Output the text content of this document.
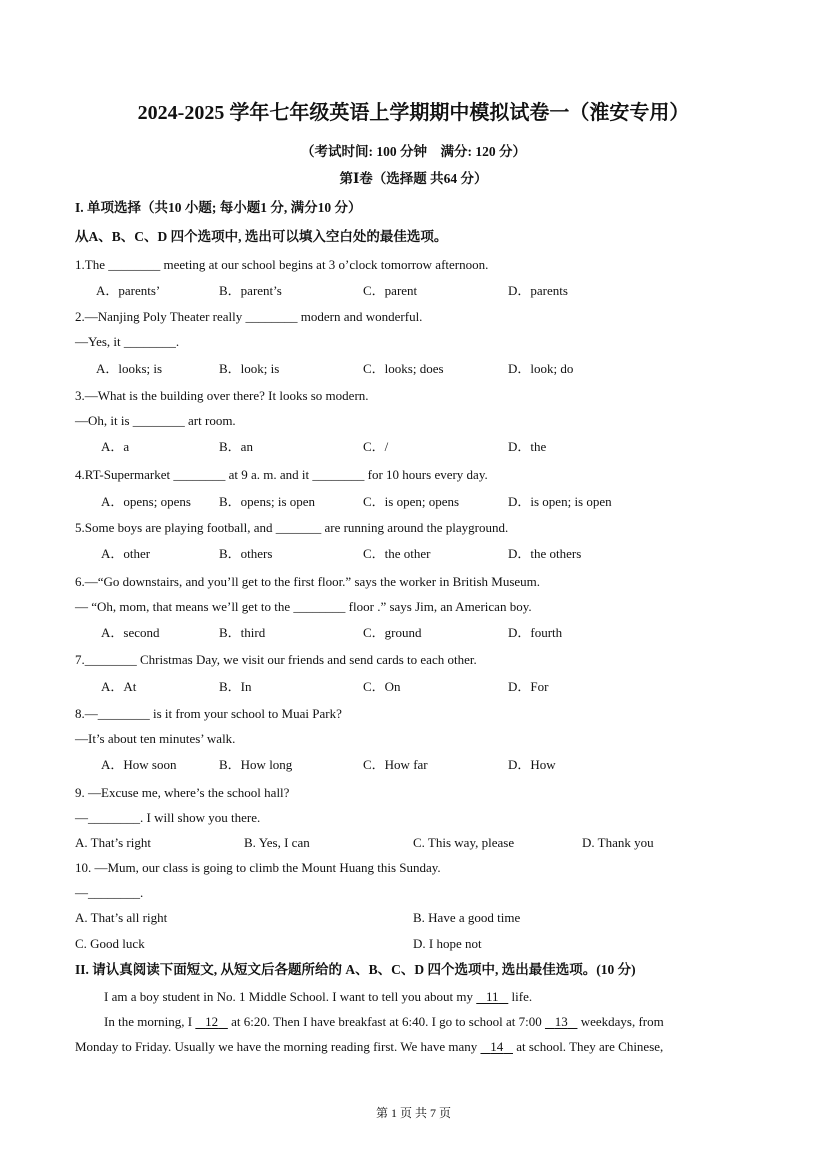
2024-2025 学年七年级英语上学期期中模拟试卷一（淮安专用）
（考试时间: 100 分钟　满分: 120 分）
第Ⅰ卷（选择题 共64 分）
I. 单项选择（共10 小题; 每小题1 分, 满分10 分）
从A、B、C、D 四个选项中, 选出可以填入空白处的最佳选项。
1.The ________ meeting at our school begins at 3 o’clock tomorrow afternoon.
A．parents’	B．parent’s	C．parent	D．parents
2.—Nanjing Poly Theater really ________ modern and wonderful.
—Yes, it ________.
A．looks; is	B．look; is	C．looks; does	D．look; do
3.—What is the building over there? It looks so modern.
—Oh, it is ________ art room.
A．a	B．an	C．/	D．the
4.RT-Supermarket ________ at 9 a. m. and it ________ for 10 hours every day.
A．opens; opens B．opens; is open	C．is open; opens	D．is open; is open
5.Some boys are playing football, and _______ are running around the playground.
A．other	B．others	C．the other	D．the others
6.—“Go downstairs, and you’ll get to the first floor.” says the worker in British Museum.
— “Oh, mom, that means we’ll get to the ________ floor .” says Jim, an American boy.
A．second	B．third	C．ground	D．fourth
7.________ Christmas Day, we visit our friends and send cards to each other.
A．At	B．In	C．On	D．For
8.—________ is it from your school to Muai Park?
—It’s about ten minutes’ walk.
A．How soon	B．How long	C．How far	D．How
9. —Excuse me, where’s the school hall?
—________. I will show you there.
A. That’s right	B. Yes, I can	C. This way, please	D. Thank you
10. —Mum, our class is going to climb the Mount Huang this Sunday.
—________.
A. That’s all right	B. Have a good time
C. Good luck	D. I hope not
II. 请认真阅读下面短文, 从短文后各题所给的 A、B、C、D 四个选项中, 选出最佳选项。(10 分)
I am a boy student in No. 1 Middle School. I want to tell you about my    11    life.
In the morning, I    12    at 6:20. Then I have breakfast at 6:40. I go to school at 7:00    13    weekdays, from
Monday to Friday. Usually we have the morning reading first. We have many    14    at school. They are Chinese,
第 1 页 共 7 页
